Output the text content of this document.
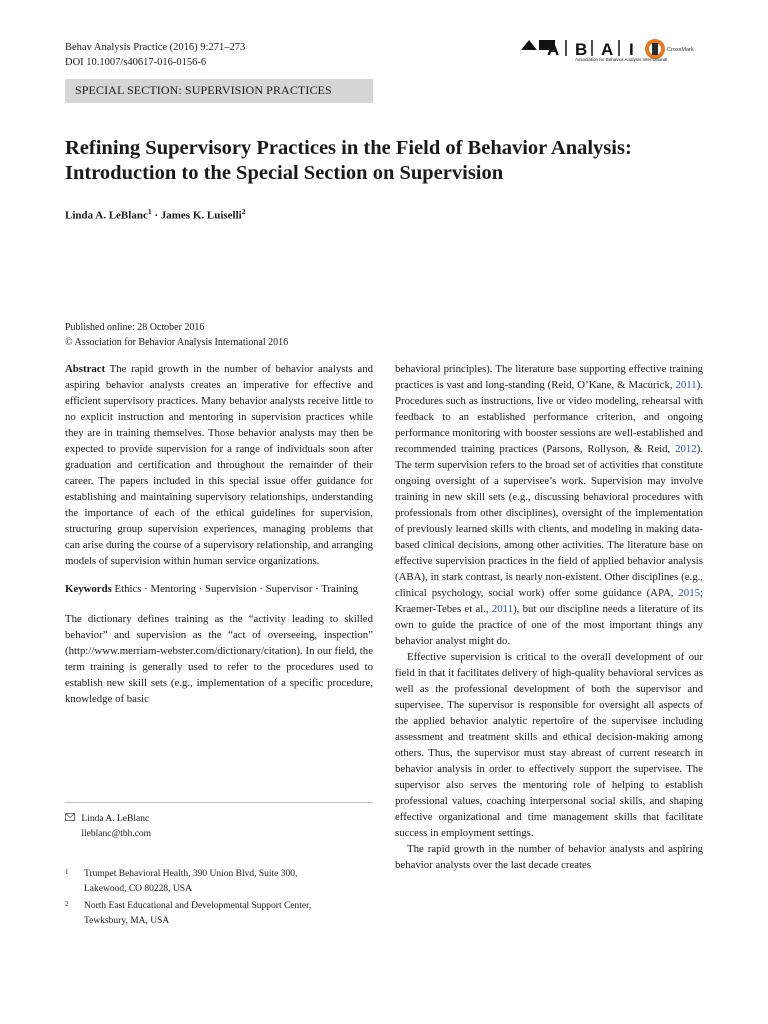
Behav Analysis Practice (2016) 9:271–273
DOI 10.1007/s40617-016-0156-6
A B A I
Association for Behavior Analysis International
CrossMark
SPECIAL SECTION: SUPERVISION PRACTICES
Refining Supervisory Practices in the Field of Behavior Analysis:
Introduction to the Special Section on Supervision
Linda A. LeBlanc$^1$ · James K. Luiselli$^2$
Published online: 28 October 2016
© Association for Behavior Analysis International 2016

Abstract The rapid growth in the number of behavior analysts and aspiring behavior analysts creates an imperative for effective and efficient supervisory practices. Many behavior analysts receive little to no explicit instruction and mentoring in supervision practices while they are in training themselves. Those behavior analysts may then be expected to provide supervision for a range of individuals soon after graduation and certification and throughout the remainder of their career. The papers included in this special issue offer guidance for establishing and maintaining supervisory relationships, understanding the importance of each of the ethical guidelines for supervision, structuring group supervision experiences, managing problems that can arise during the course of a supervisory relationship, and arranging models of supervision within human service organizations.

Keywords Ethics · Mentoring · Supervision · Supervisor · Training

The dictionary defines training as the “activity leading to skilled behavior” and supervision as the “act of overseeing, inspection” (http://www.merriam-webster.com/dictionary/citation). In our field, the term training is generally used to refer to the procedures used to establish new skill sets (e.g., implementation of a specific procedure, knowledge of basic

behavioral principles). The literature base supporting effective training practices is vast and long-standing (Reid, O’Kane, & Macurick, 2011). Procedures such as instructions, live or video modeling, rehearsal with feedback to an established performance criterion, and ongoing performance monitoring with booster sessions are well-established and recommended training practices (Parsons, Rollyson, & Reid, 2012). The term supervision refers to the broad set of activities that constitute ongoing oversight of a supervisee’s work. Supervision may involve training in new skill sets (e.g., discussing behavioral procedures with professionals from other disciplines), oversight of the implementation of previously learned skills with clients, and modeling in making data-based clinical decisions, among other activities. The literature base on effective supervision practices in the field of applied behavior analysis (ABA), in stark contrast, is nearly non-existent. Other disciplines (e.g., clinical psychology, social work) offer some guidance (APA, 2015; Kraemer-Tebes et al., 2011), but our discipline needs a literature of its own to guide the practice of one of the most important things any behavior analyst might do.

Effective supervision is critical to the overall development of our field in that it facilitates delivery of high-quality behavioral services as well as the professional development of both the supervisor and supervisee. The supervisor is responsible for oversight all aspects of the applied behavior analytic repertoire of the supervisee including assessment and treatment skills and ethical decision-making among others. Thus, the supervisor must stay abreast of current research in behavior analysis in order to effectively support the supervisee. The supervisor also serves the mentoring role of helping to establish professional values, coaching interpersonal social skills, and shaping effective organizational and time management skills that facilitate success in employment settings.

The rapid growth in the number of behavior analysts and aspiring behavior analysts over the last decade creates

Linda A. LeBlanc
lleblanc@tbh.com
1 Trumpet Behavioral Health, 390 Union Blvd, Suite 300,
Lakewood, CO 80228, USA
2 North East Educational and Developmental Support Center,
Tewksbury, MA, USA
